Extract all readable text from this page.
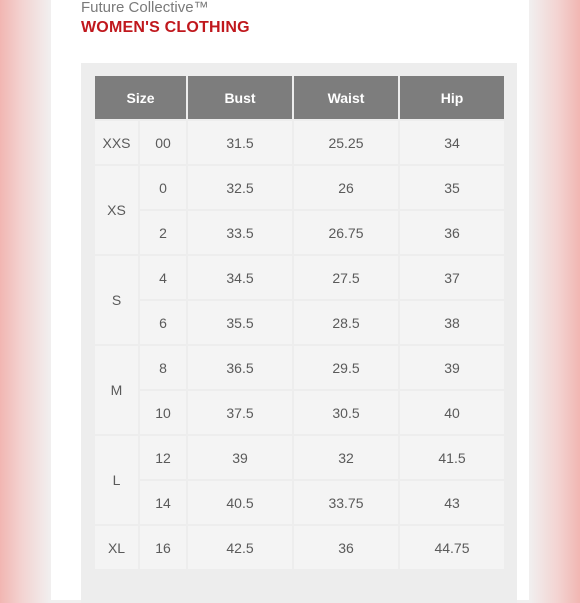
Future Collective™
WOMEN'S CLOTHING
Size		Bust	Waist	Hip
XXS	00	31.5	25.25	34
XS	0	32.5	26	35
	2	33.5	26.75	36
S	4	34.5	27.5	37
	6	35.5	28.5	38
M	8	36.5	29.5	39
	10	37.5	30.5	40
L	12	39	32	41.5
	14	40.5	33.75	43
XL	16	42.5	36	44.75
